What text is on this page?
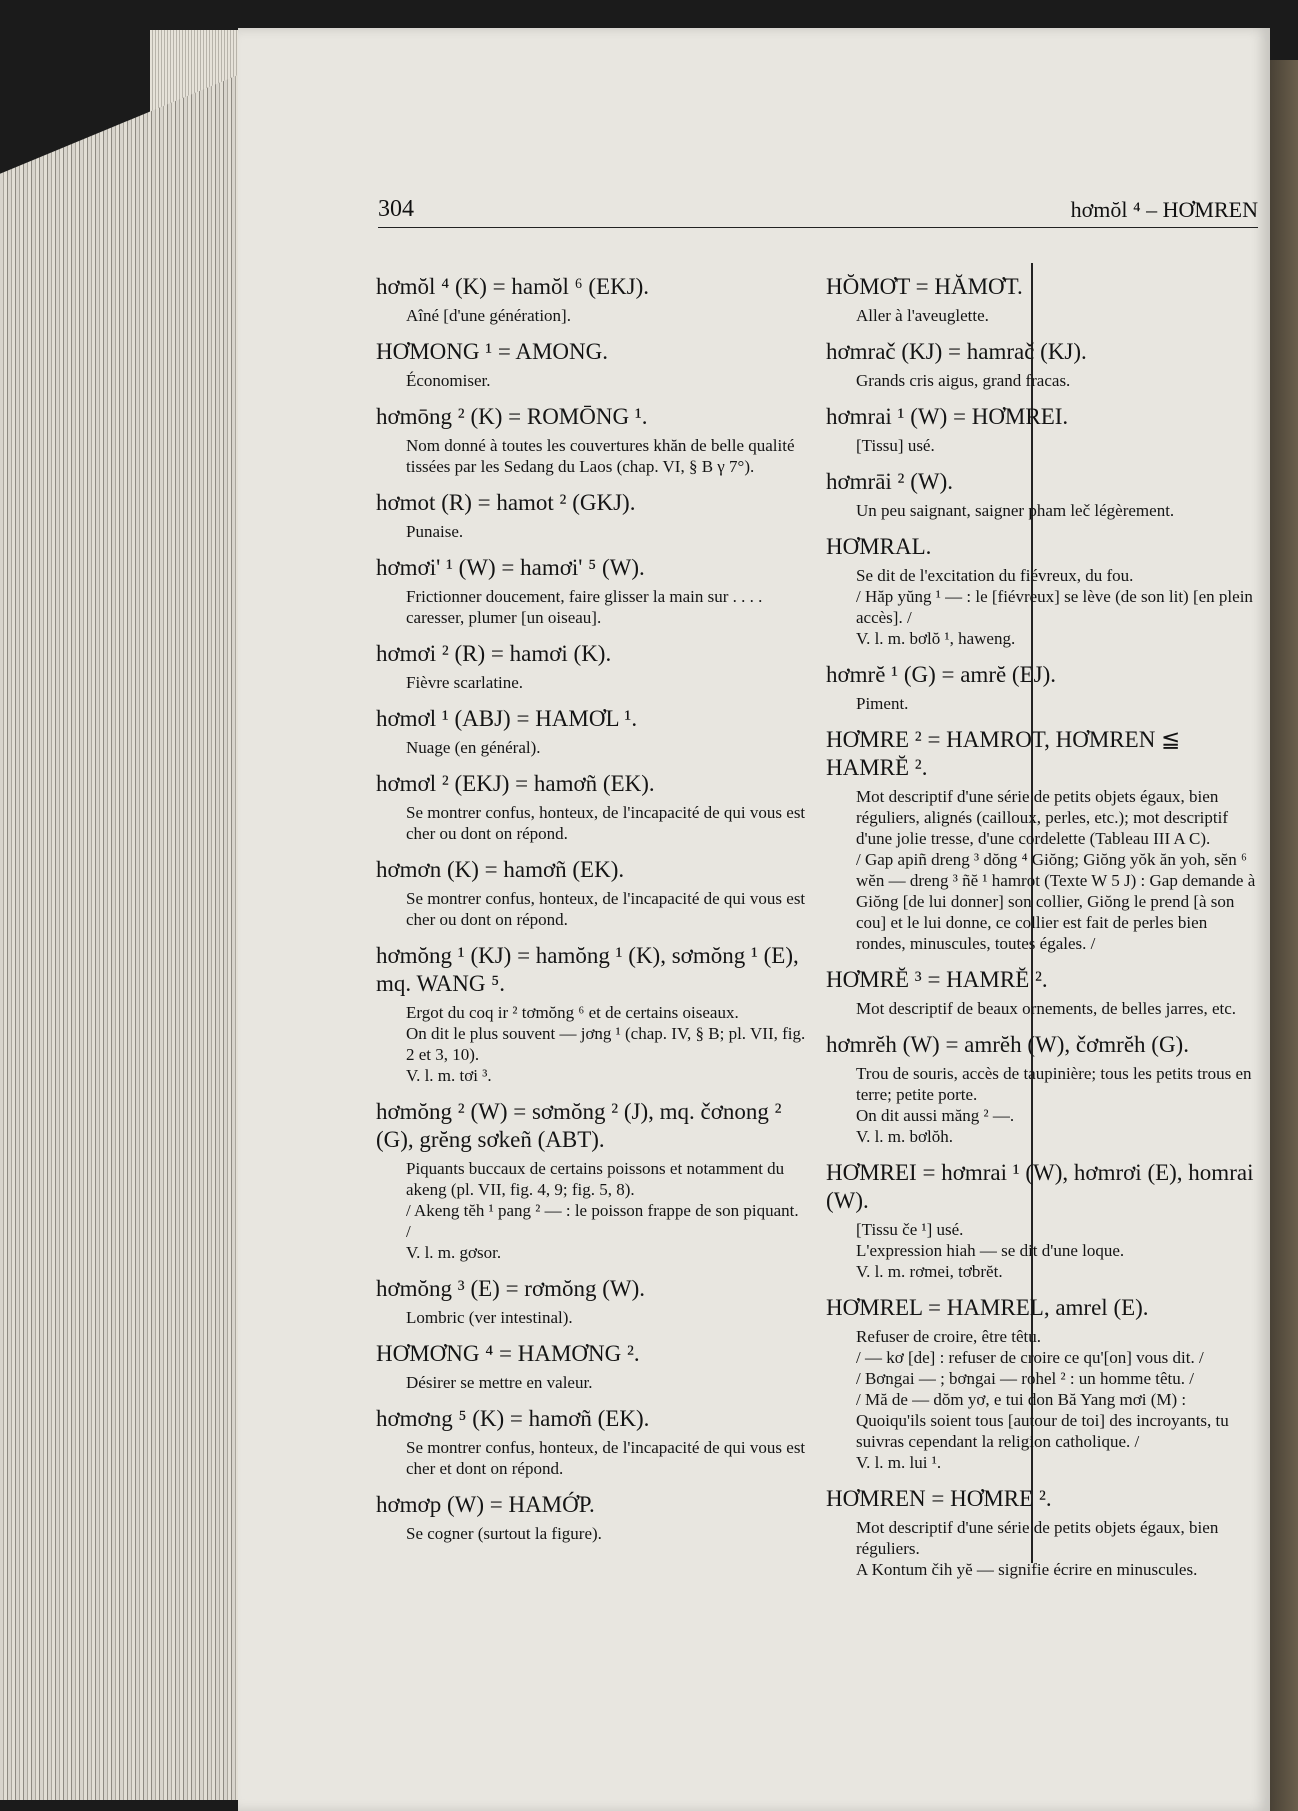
304	hơmŏl ⁴ – HƠMREN
hơmŏl ⁴ (K) = hamŏl ⁶ (EKJ).

Aîné [d'une génération].

HƠMONG ¹ = AMONG.

Économiser.

hơmōng ² (K) = ROMŌNG ¹.

Nom donné à toutes les couvertures khăn de belle qualité tissées par les Sedang du Laos (chap. VI, § B γ 7°).

hơmot (R) = hamot ² (GKJ).

Punaise.

hơmơi' ¹ (W) = hamơi' ⁵ (W).

Frictionner doucement, faire glisser la main sur . . . . caresser, plumer [un oiseau].

hơmơi ² (R) = hamơi (K).

Fièvre scarlatine.

hơmơl ¹ (ABJ) = HAMƠL ¹.

Nuage (en général).

hơmơl ² (EKJ) = hamơñ (EK).

Se montrer confus, honteux, de l'incapacité de qui vous est cher ou dont on répond.

hơmơn (K) = hamơñ (EK).

Se montrer confus, honteux, de l'incapacité de qui vous est cher ou dont on répond.

hơmŏng ¹ (KJ) = hamŏng ¹ (K), sơmŏng ¹ (E), mq. WANG ⁵.

Ergot du coq ir ² tơmŏng ⁶ et de certains oiseaux.

On dit le plus souvent — jơng ¹ (chap. IV, § B; pl. VII, fig. 2 et 3, 10).

V. l. m. tơi ³.

hơmŏng ² (W) = sơmŏng ² (J), mq. čơnong ² (G), grĕng sơkeñ (ABT).

Piquants buccaux de certains poissons et notamment du akeng (pl. VII, fig. 4, 9; fig. 5, 8).

/ Akeng tĕh ¹ pang ² — : le poisson frappe de son piquant. /

V. l. m. gơsor.

hơmŏng ³ (E) = rơmŏng (W).

Lombric (ver intestinal).

HƠMƠNG ⁴ = HAMƠNG ².

Désirer se mettre en valeur.

hơmơng ⁵ (K) = hamơñ (EK).

Se montrer confus, honteux, de l'incapacité de qui vous est cher et dont on répond.

hơmơp (W) = HAMỚP.

Se cogner (surtout la figure).

HŎMƠT = HĂMƠT.

Aller à l'aveuglette.

hơmrač (KJ) = hamrač (KJ).

Grands cris aigus, grand fracas.

hơmrai ¹ (W) = HƠMREI.

[Tissu] usé.

hơmrāi ² (W).

Un peu saignant, saigner pham leč légèrement.

HƠMRAL.

Se dit de l'excitation du fiévreux, du fou.

/ Hăp yŭng ¹ — : le [fiévreux] se lève (de son lit) [en plein accès]. /

V. l. m. bơlŏ ¹, haweng.

hơmrĕ ¹ (G) = amrĕ (EJ).

Piment.

HƠMRE ² = HAMROT, HƠMREN ≦ HAMRĔ ².

Mot descriptif d'une série de petits objets égaux, bien réguliers, alignés (cailloux, perles, etc.); mot descriptif d'une jolie tresse, d'une cordelette (Tableau III A C).

/ Gap apiñ dreng ³ dŏng ⁴ Giŏng; Giŏng yŏk ăn yoh, sĕn ⁶ wĕn — dreng ³ ñĕ ¹ hamrot (Texte W 5 J) : Gap demande à Giŏng [de lui donner] son collier, Giŏng le prend [à son cou] et le lui donne, ce collier est fait de perles bien rondes, minuscules, toutes égales. /

HƠMRĔ ³ = HAMRĔ ².

Mot descriptif de beaux ornements, de belles jarres, etc.

hơmrĕh (W) = amrĕh (W), čơmrĕh (G).

Trou de souris, accès de taupinière; tous les petits trous en terre; petite porte.

On dit aussi măng ² —.

V. l. m. bơlŏh.

HƠMREI = hơmrai ¹ (W), hơmrơi (E), homrai (W).

[Tissu če ¹] usé.

L'expression hiah — se dit d'une loque.

V. l. m. rơmei, tơbrĕt.

HƠMREL = HAMREL, amrel (E).

Refuser de croire, être têtu.

/ — kơ [de] : refuser de croire ce qu'[on] vous dit. /

/ Bơngai — ; bơngai — rohel ² : un homme têtu. /

/ Mă de — dŏm yơ, e tui don Bă Yang mơi (M) : Quoiqu'ils soient tous [autour de toi] des incroyants, tu suivras cependant la religion catholique. /

V. l. m. lui ¹.

HƠMREN = HƠMRE ².

Mot descriptif d'une série de petits objets égaux, bien réguliers.

A Kontum čih yĕ — signifie écrire en minuscules.
